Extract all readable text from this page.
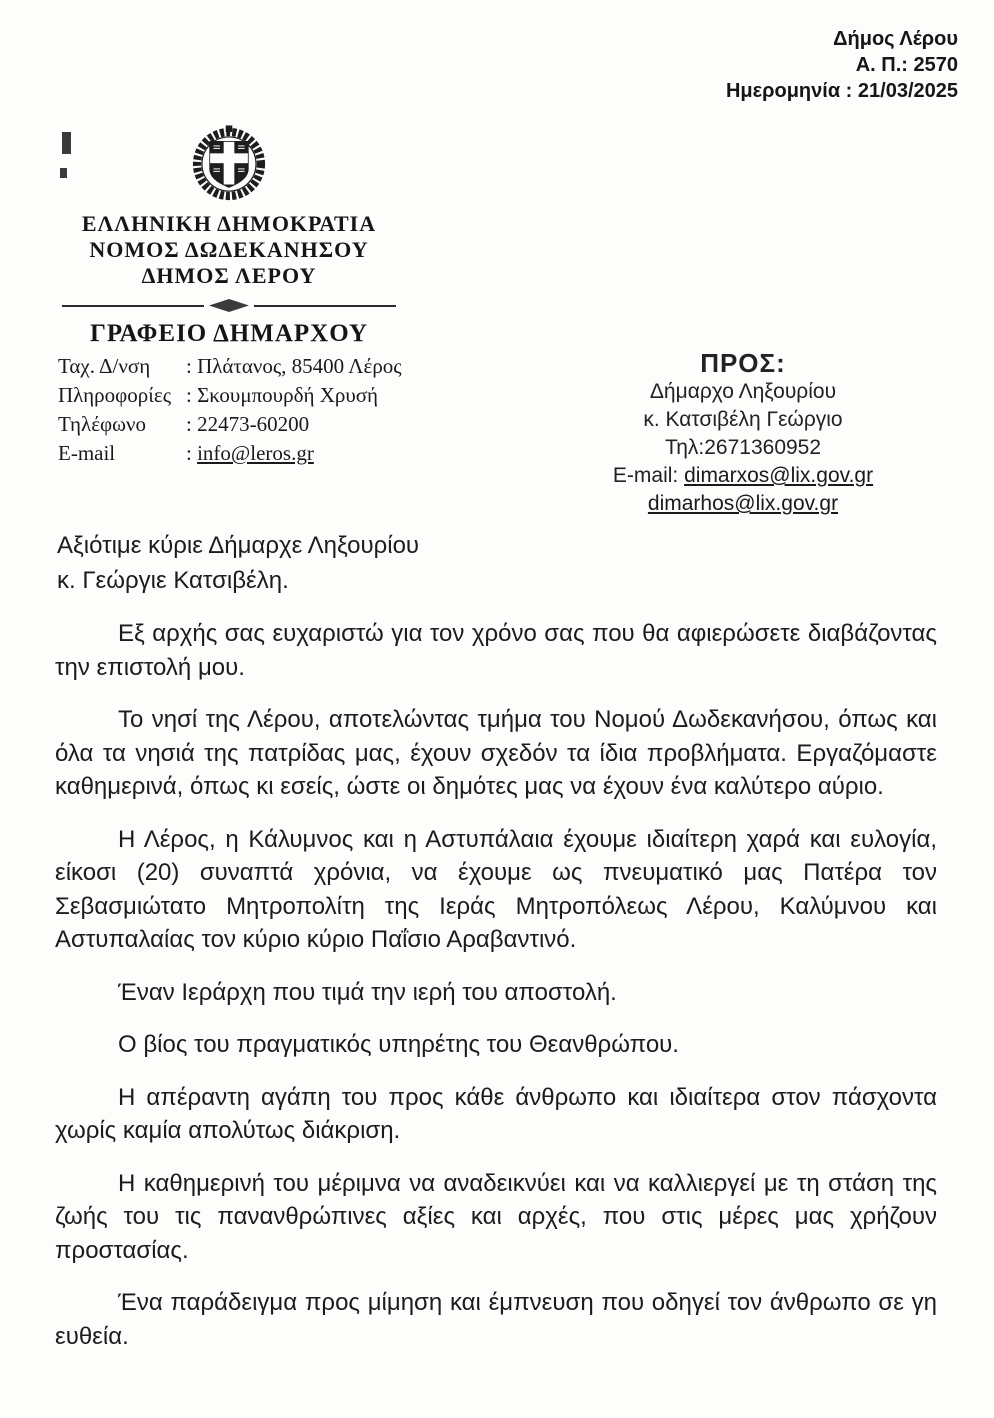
Δήμος Λέρου
Α. Π.: 2570
Ημερομηνία : 21/03/2025
ΕΛΛΗΝΙΚΗ ΔΗΜΟΚΡΑΤΙΑ
ΝΟΜΟΣ ΔΩΔΕΚΑΝΗΣΟΥ
ΔΗΜΟΣ ΛΕΡΟΥ
ΓΡΑΦΕΙΟ ΔΗΜΑΡΧΟΥ
Ταχ. Δ/νση	: Πλάτανος, 85400 Λέρος
Πληροφορίες : Σκουμπουρδή Χρυσή
Τηλέφωνο	: 22473-60200
E-mail	: info@leros.gr
ΠΡΟΣ:
Δήμαρχο Ληξουρίου
κ. Κατσιβέλη Γεώργιο
Τηλ:2671360952
E-mail: dimarxos@lix.gov.gr
dimarhos@lix.gov.gr
Αξιότιμε κύριε Δήμαρχε Ληξουρίου
κ. Γεώργιε Κατσιβέλη.

Εξ αρχής σας ευχαριστώ για τον χρόνο σας που θα αφιερώσετε διαβάζοντας την επιστολή μου.

Το νησί της Λέρου, αποτελώντας τμήμα του Νομού Δωδεκανήσου, όπως και όλα τα νησιά της πατρίδας μας, έχουν σχεδόν τα ίδια προβλήματα. Εργαζόμαστε καθημερινά, όπως κι εσείς, ώστε οι δημότες μας να έχουν ένα καλύτερο αύριο.

Η Λέρος, η Κάλυμνος και η Αστυπάλαια έχουμε ιδιαίτερη χαρά και ευλογία, είκοσι (20) συναπτά χρόνια, να έχουμε ως πνευματικό μας Πατέρα τον Σεβασμιώτατο Μητροπολίτη της Ιεράς Μητροπόλεως Λέρου, Καλύμνου και Αστυπαλαίας τον κύριο κύριο Παΐσιο Αραβαντινό.

Έναν Ιεράρχη που τιμά την ιερή του αποστολή.

Ο βίος του πραγματικός υπηρέτης του Θεανθρώπου.

Η απέραντη αγάπη του προς κάθε άνθρωπο και ιδιαίτερα στον πάσχοντα χωρίς καμία απολύτως διάκριση.

Η καθημερινή του μέριμνα να αναδεικνύει και να καλλιεργεί με τη στάση της ζωής του τις πανανθρώπινες αξίες και αρχές, που στις μέρες μας χρήζουν προστασίας.

Ένα παράδειγμα προς μίμηση και έμπνευση που οδηγεί τον άνθρωπο σε γη ευθεία.
